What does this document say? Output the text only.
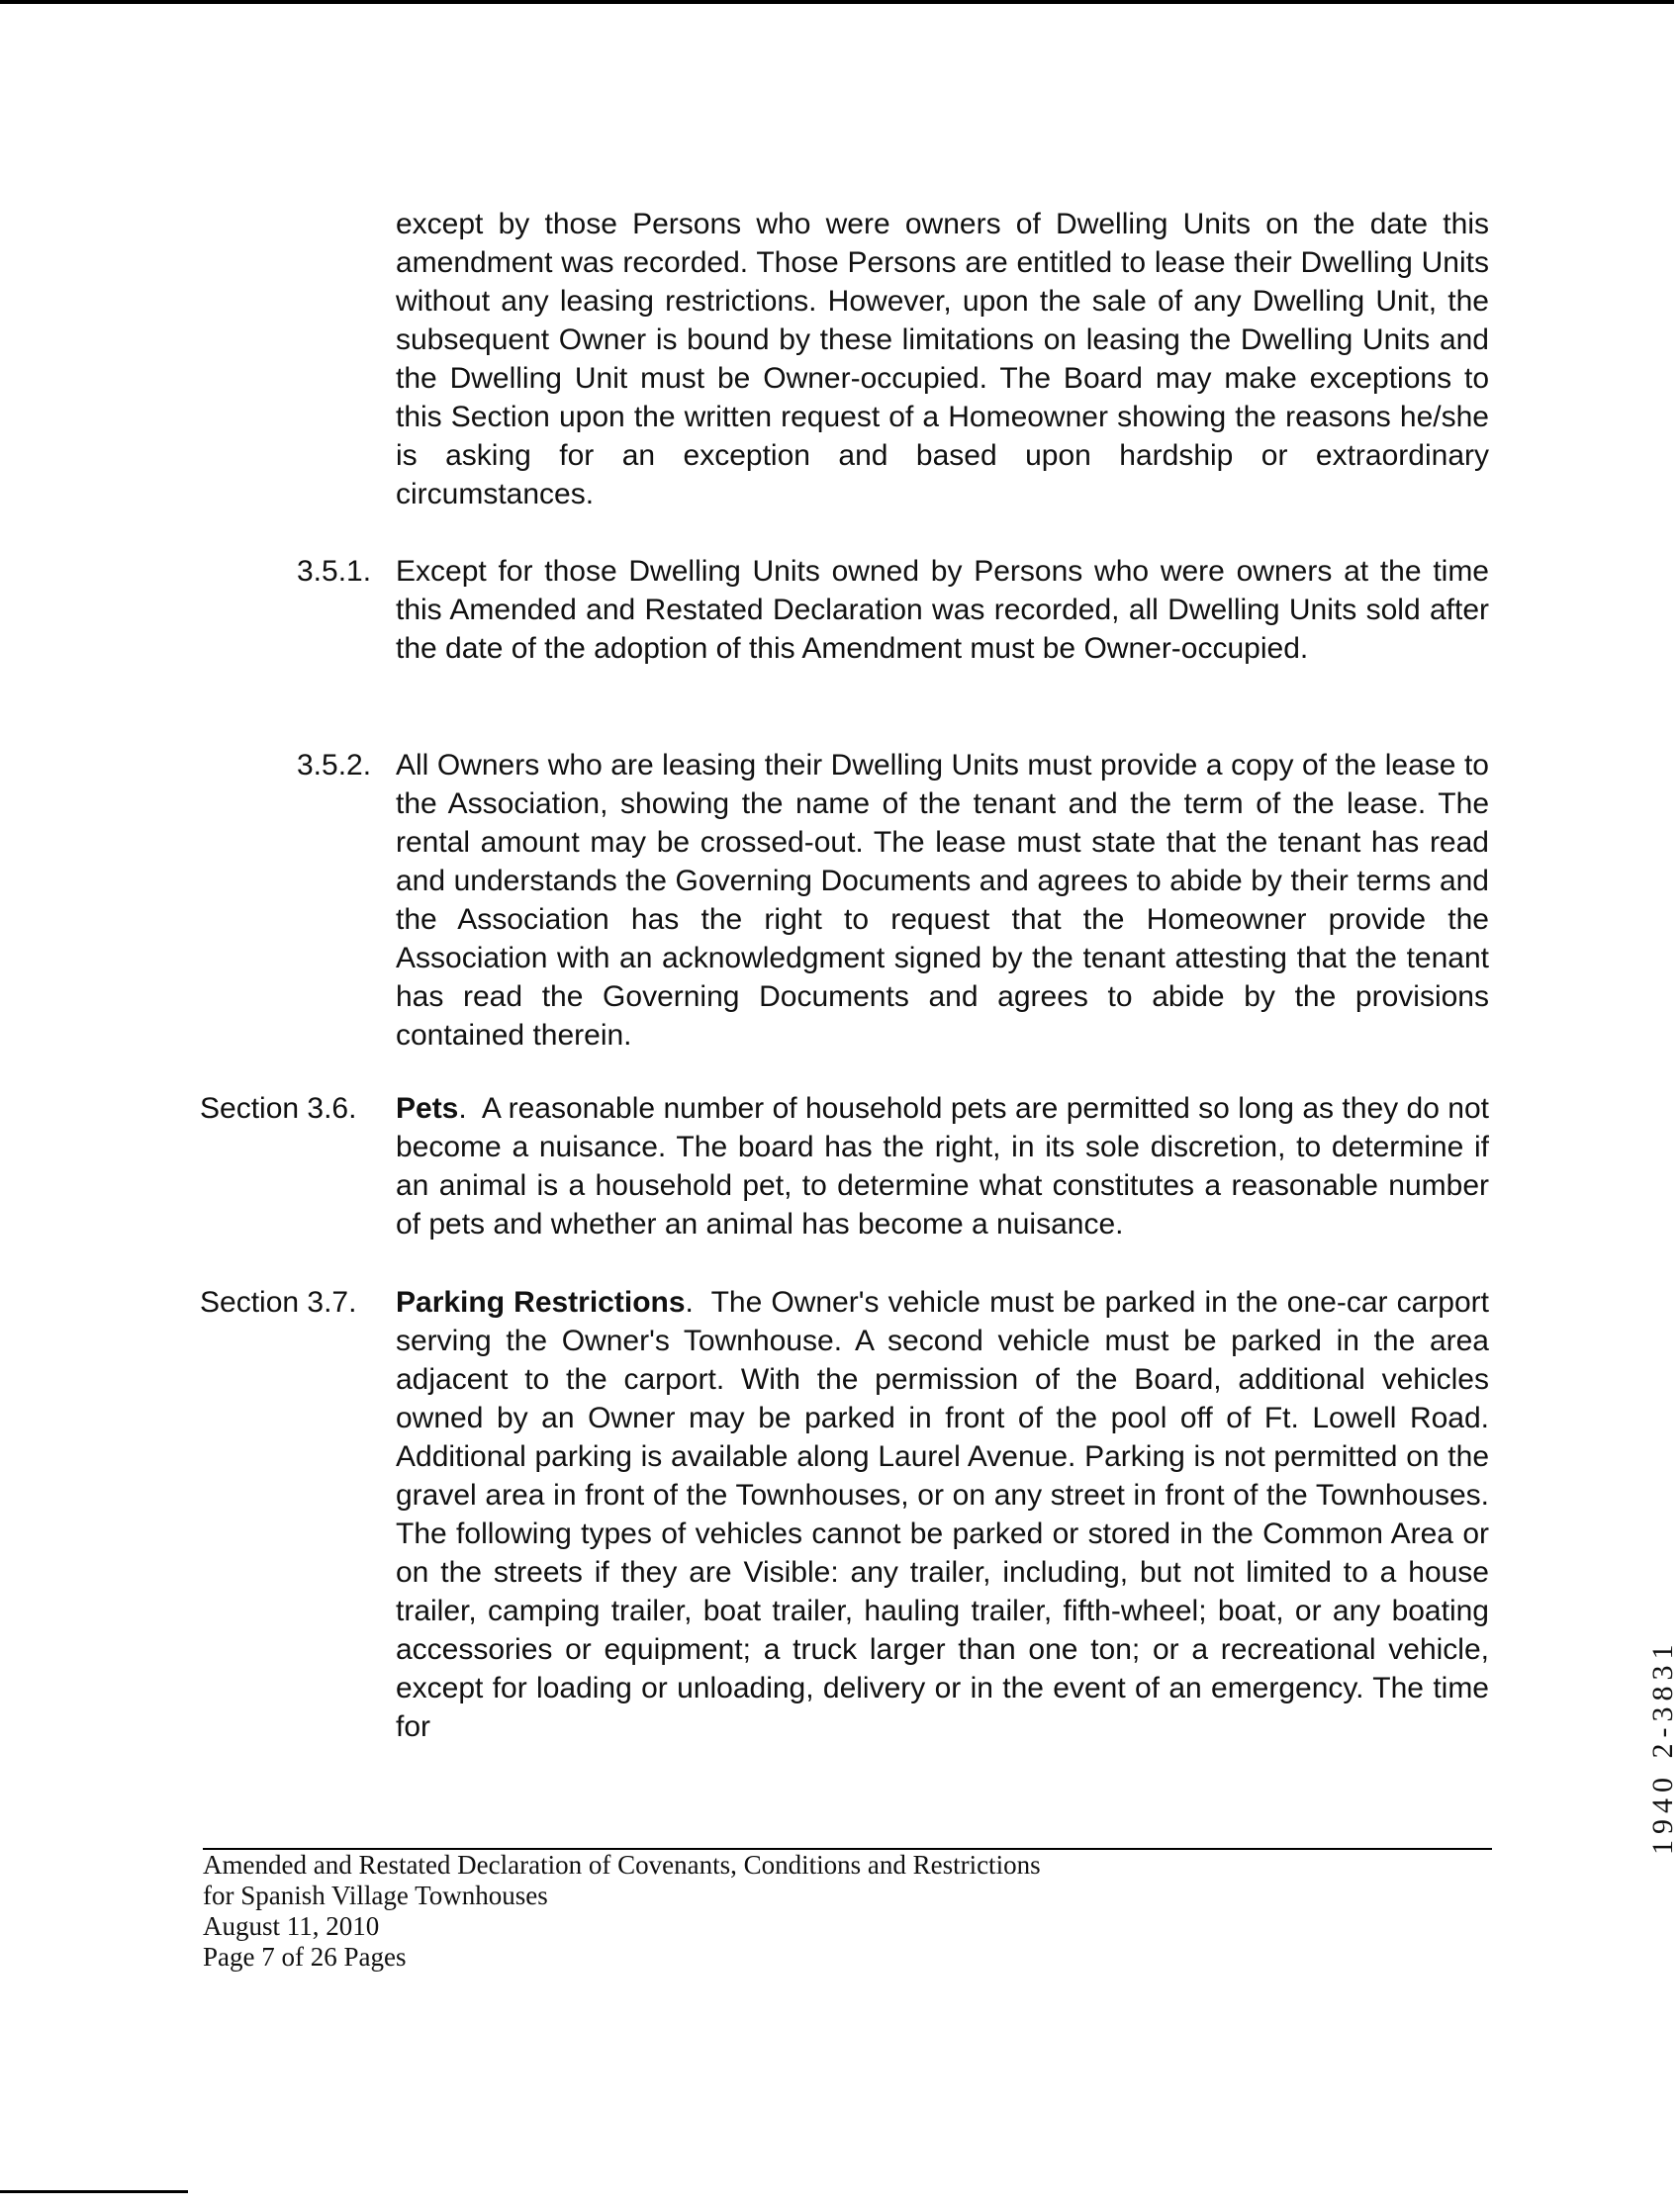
except by those Persons who were owners of Dwelling Units on the date this amendment was recorded. Those Persons are entitled to lease their Dwelling Units without any leasing restrictions. However, upon the sale of any Dwelling Unit, the subsequent Owner is bound by these limitations on leasing the Dwelling Units and the Dwelling Unit must be Owner-occupied. The Board may make exceptions to this Section upon the written request of a Homeowner showing the reasons he/she is asking for an exception and based upon hardship or extraordinary circumstances.

3.5.1. Except for those Dwelling Units owned by Persons who were owners at the time this Amended and Restated Declaration was recorded, all Dwelling Units sold after the date of the adoption of this Amendment must be Owner-occupied.

3.5.2. All Owners who are leasing their Dwelling Units must provide a copy of the lease to the Association, showing the name of the tenant and the term of the lease. The rental amount may be crossed-out. The lease must state that the tenant has read and understands the Governing Documents and agrees to abide by their terms and the Association has the right to request that the Homeowner provide the Association with an acknowledgment signed by the tenant attesting that the tenant has read the Governing Documents and agrees to abide by the provisions contained therein.

Section 3.6. Pets.  A reasonable number of household pets are permitted so long as they do not become a nuisance. The board has the right, in its sole discretion, to determine if an animal is a household pet, to determine what constitutes a reasonable number of pets and whether an animal has become a nuisance.

Section 3.7. Parking Restrictions.  The Owner's vehicle must be parked in the one-car carport serving the Owner's Townhouse. A second vehicle must be parked in the area adjacent to the carport. With the permission of the Board, additional vehicles owned by an Owner may be parked in front of the pool off of Ft. Lowell Road. Additional parking is available along Laurel Avenue. Parking is not permitted on the gravel area in front of the Townhouses, or on any street in front of the Townhouses. The following types of vehicles cannot be parked or stored in the Common Area or on the streets if they are Visible: any trailer, including, but not limited to a house trailer, camping trailer, boat trailer, hauling trailer, fifth-wheel; boat, or any boating accessories or equipment; a truck larger than one ton; or a recreational vehicle, except for loading or unloading, delivery or in the event of an emergency. The time for	1940 2-3831
Amended and Restated Declaration of Covenants, Conditions and Restrictions
for Spanish Village Townhouses
August 11, 2010
Page 7 of 26 Pages
